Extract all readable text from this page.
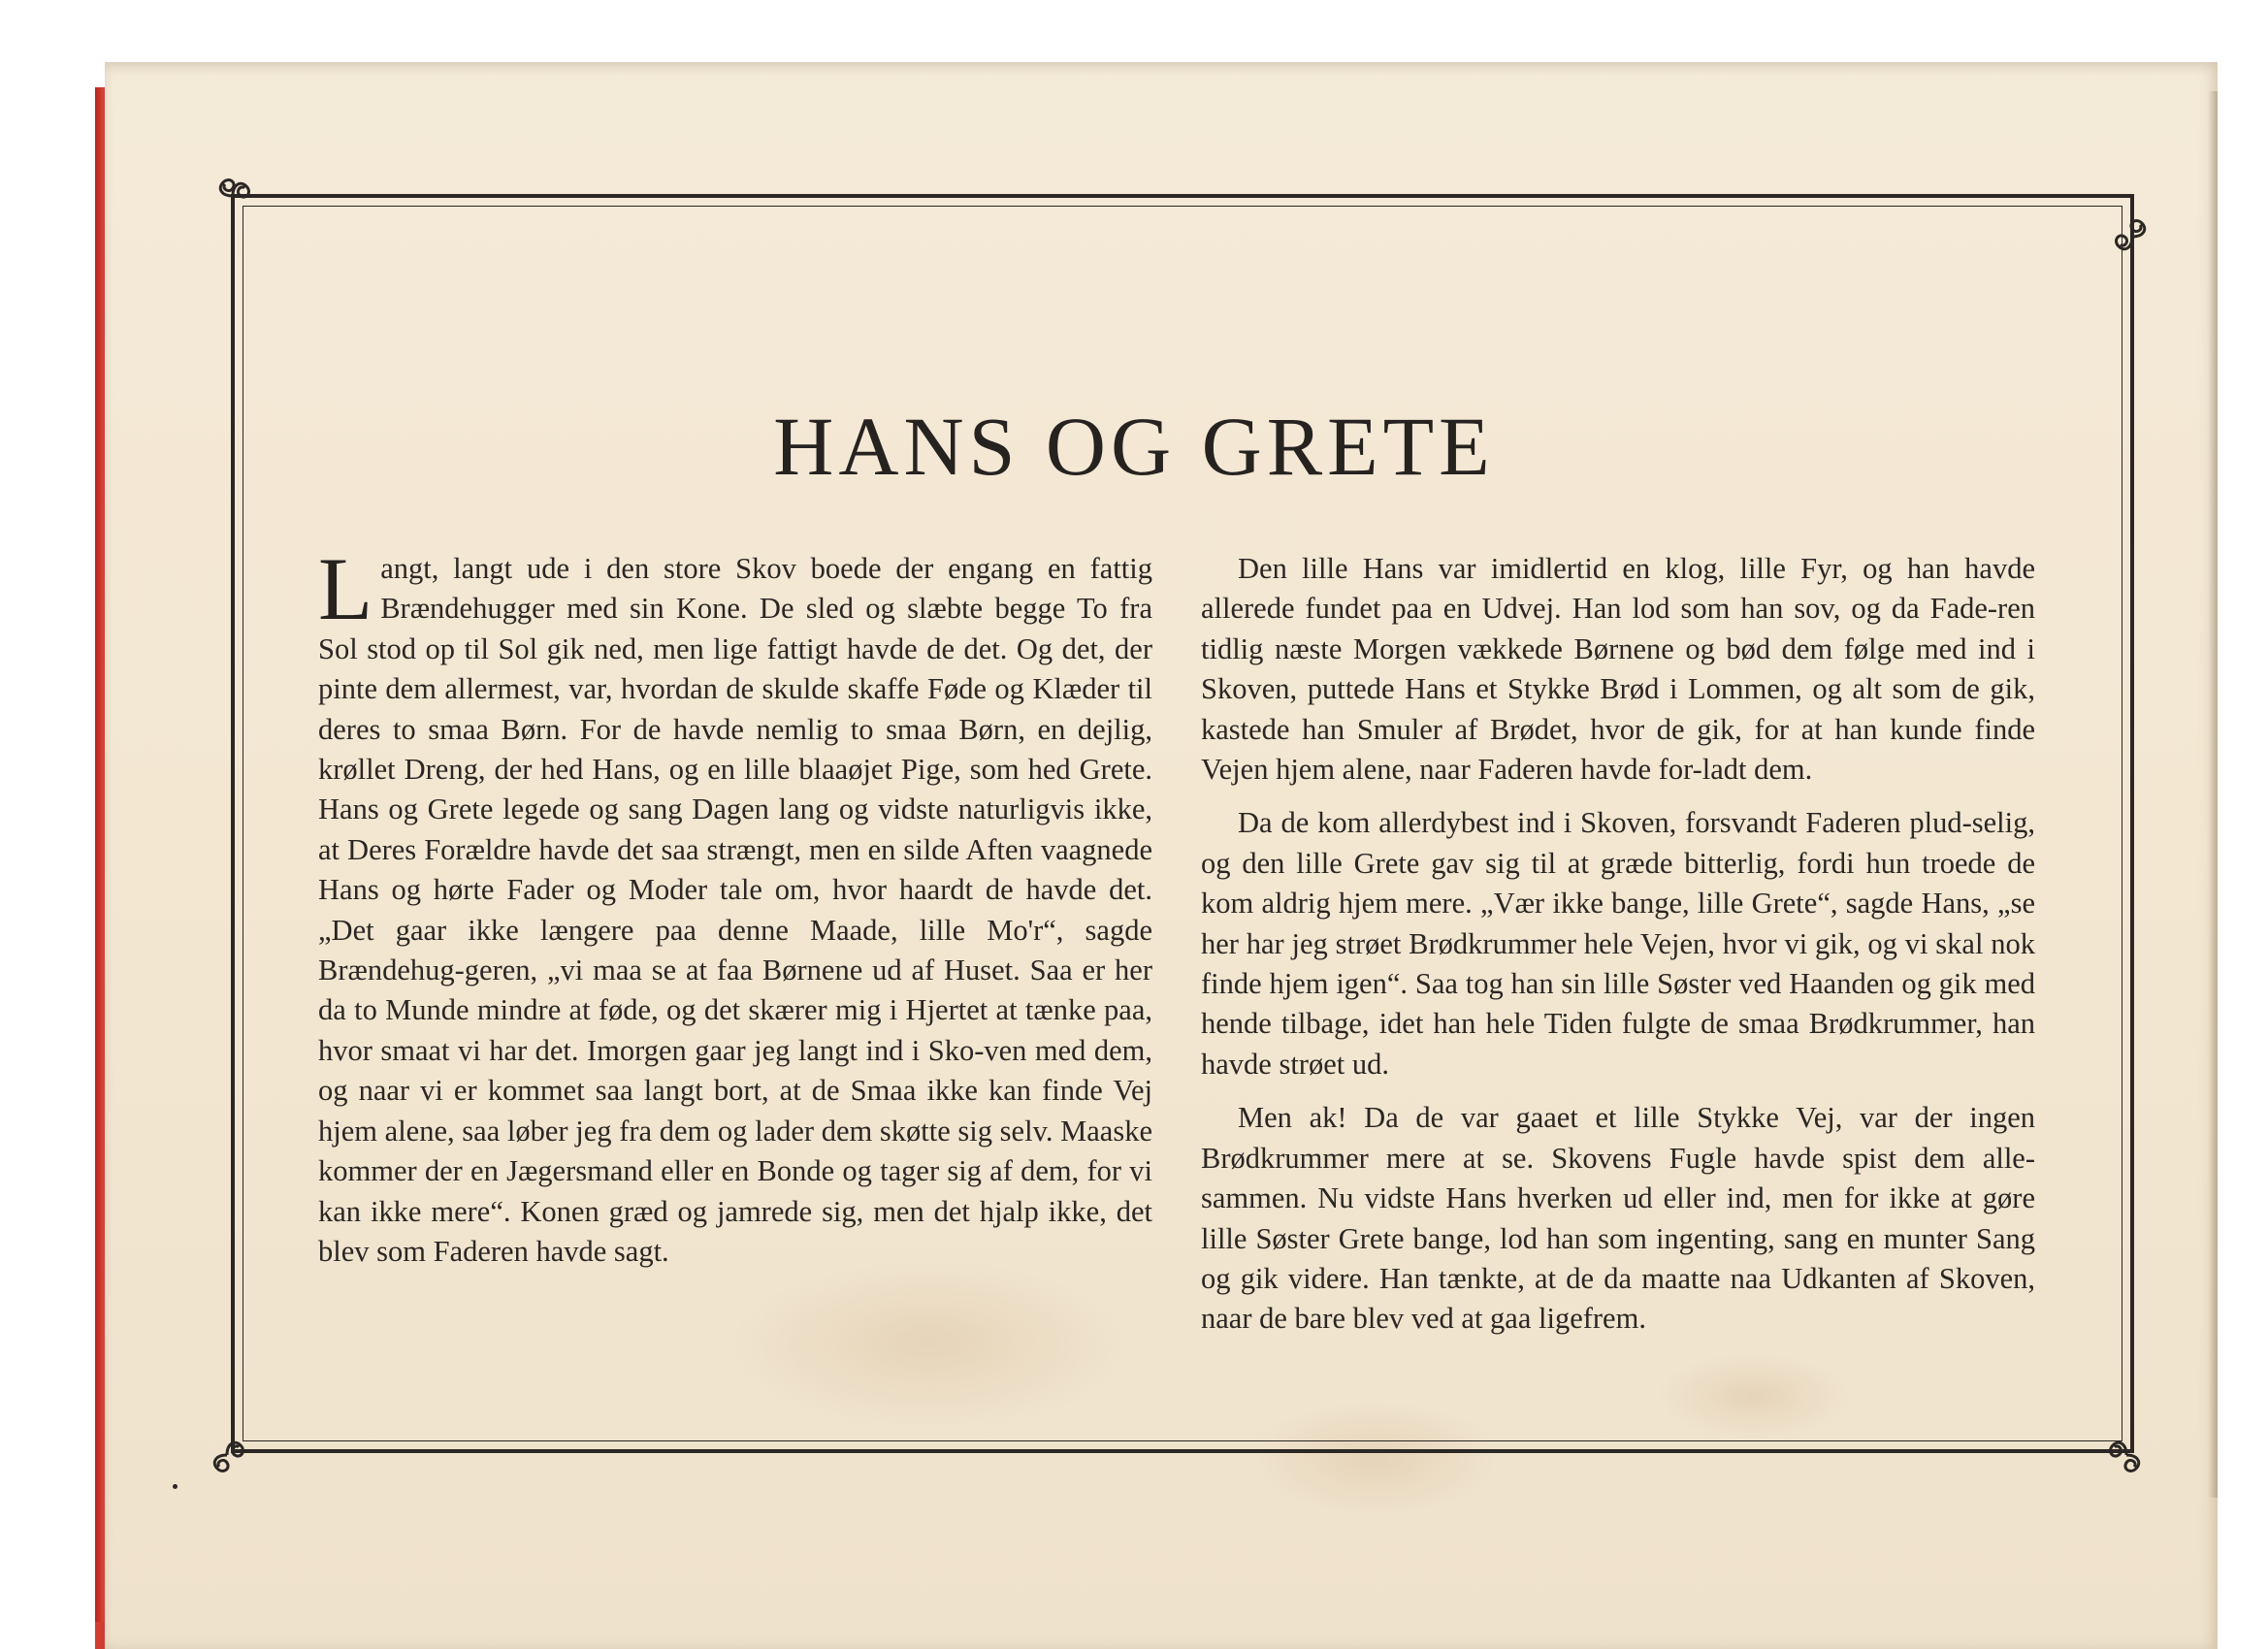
HANS OG GRETE

Langt, langt ude i den store Skov boede der engang en fattig Brændehugger med sin Kone. De sled og slæbte begge To fra Sol stod op til Sol gik ned, men lige fattigt havde de det. Og det, der pinte dem allermest, var, hvordan de skulde skaffe Føde og Klæder til deres to smaa Børn. For de havde nemlig to smaa Børn, en dejlig, krøllet Dreng, der hed Hans, og en lille blaaøjet Pige, som hed Grete. Hans og Grete legede og sang Dagen lang og vidste naturligvis ikke, at Deres Forældre havde det saa strængt, men en silde Aften vaagnede Hans og hørte Fader og Moder tale om, hvor haardt de havde det. „Det gaar ikke længere paa denne Maade, lille Mo'r“, sagde Brændehug-geren, „vi maa se at faa Børnene ud af Huset. Saa er her da to Munde mindre at føde, og det skærer mig i Hjertet at tænke paa, hvor smaat vi har det. Imorgen gaar jeg langt ind i Sko-ven med dem, og naar vi er kommet saa langt bort, at de Smaa ikke kan finde Vej hjem alene, saa løber jeg fra dem og lader dem skøtte sig selv. Maaske kommer der en Jægersmand eller en Bonde og tager sig af dem, for vi kan ikke mere“. Konen græd og jamrede sig, men det hjalp ikke, det blev som Faderen havde sagt.

Den lille Hans var imidlertid en klog, lille Fyr, og han havde allerede fundet paa en Udvej. Han lod som han sov, og da Fade-ren tidlig næste Morgen vækkede Børnene og bød dem følge med ind i Skoven, puttede Hans et Stykke Brød i Lommen, og alt som de gik, kastede han Smuler af Brødet, hvor de gik, for at han kunde finde Vejen hjem alene, naar Faderen havde for-ladt dem.

Da de kom allerdybest ind i Skoven, forsvandt Faderen plud-selig, og den lille Grete gav sig til at græde bitterlig, fordi hun troede de kom aldrig hjem mere. „Vær ikke bange, lille Grete“, sagde Hans, „se her har jeg strøet Brødkrummer hele Vejen, hvor vi gik, og vi skal nok finde hjem igen“. Saa tog han sin lille Søster ved Haanden og gik med hende tilbage, idet han hele Tiden fulgte de smaa Brødkrummer, han havde strøet ud.

Men ak! Da de var gaaet et lille Stykke Vej, var der ingen Brødkrummer mere at se. Skovens Fugle havde spist dem alle-sammen. Nu vidste Hans hverken ud eller ind, men for ikke at gøre lille Søster Grete bange, lod han som ingenting, sang en munter Sang og gik videre. Han tænkte, at de da maatte naa Udkanten af Skoven, naar de bare blev ved at gaa ligefrem.
